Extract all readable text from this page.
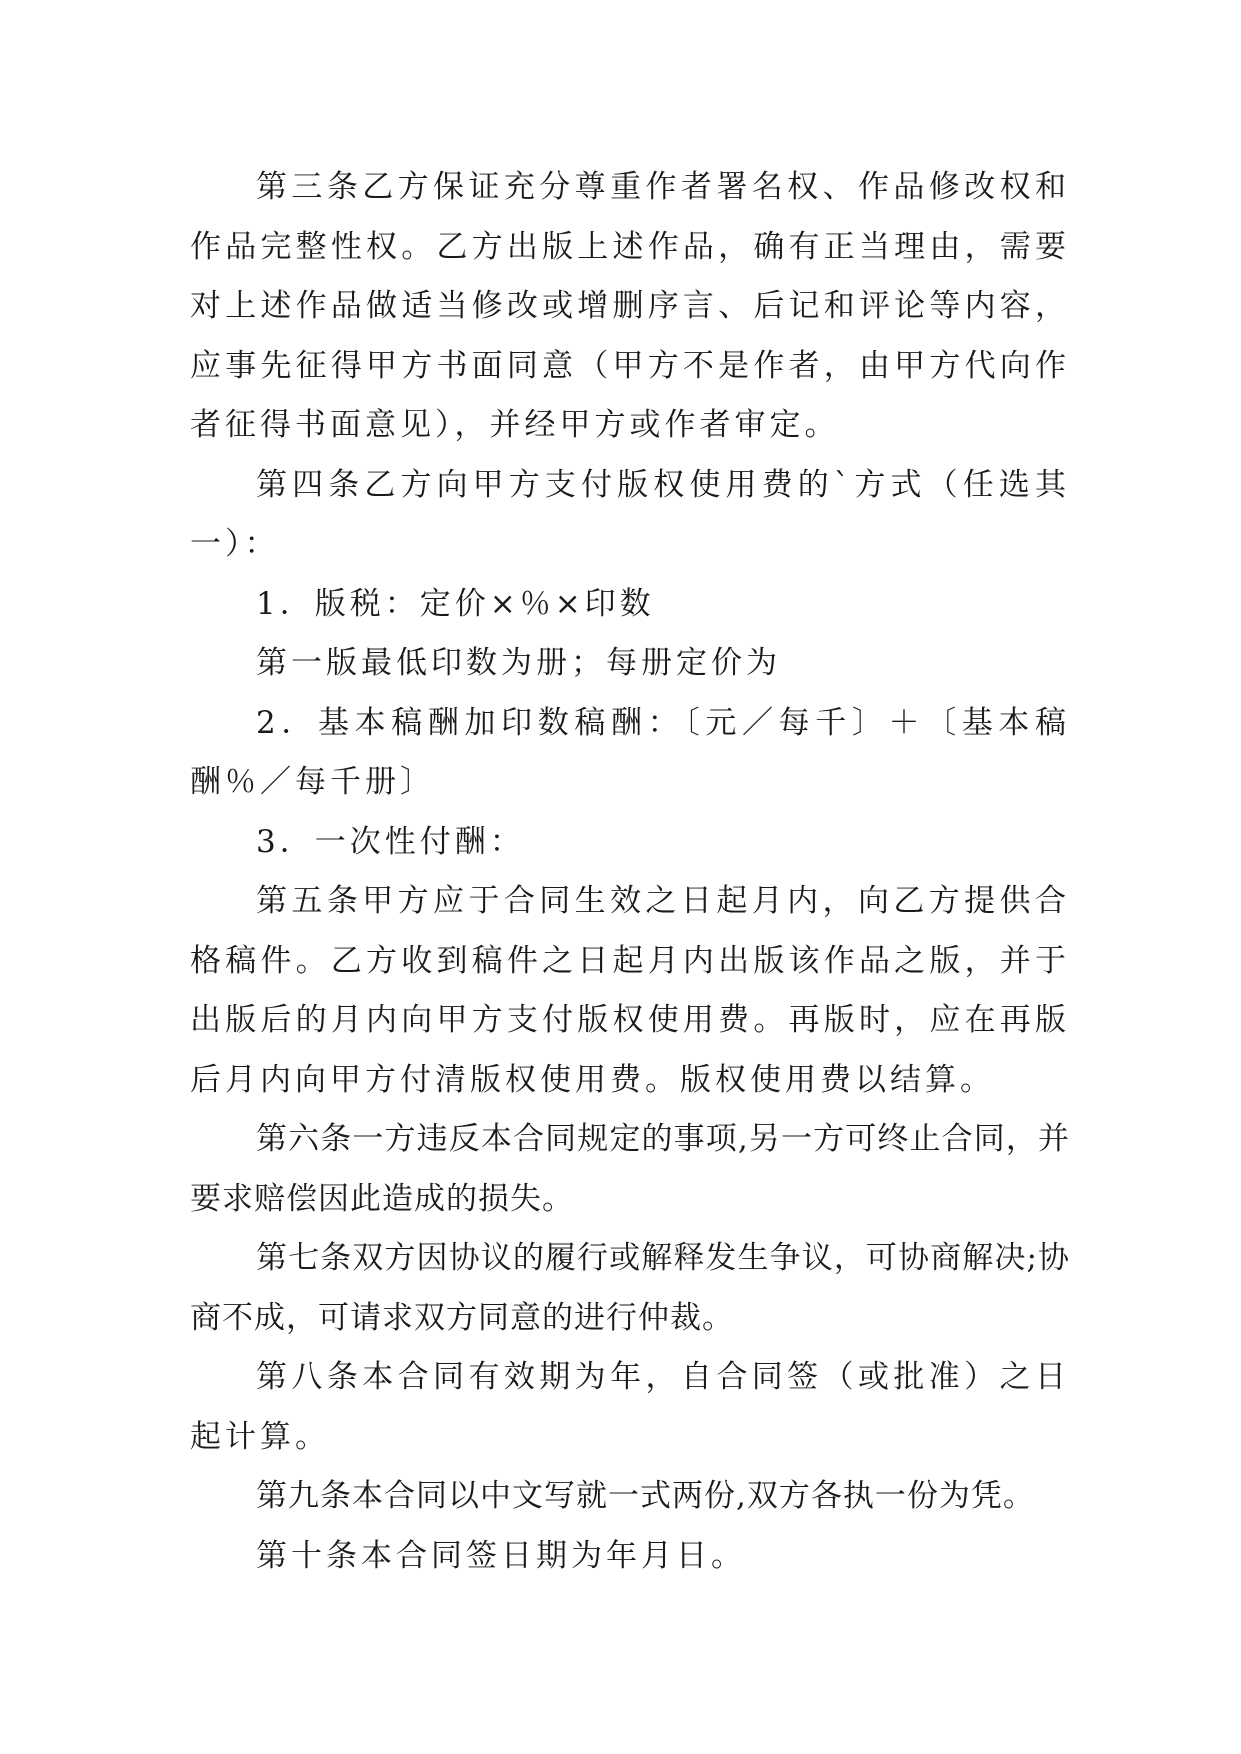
第三条乙方保证充分尊重作者署名权、作品修改权和作品完整性权。乙方出版上述作品，确有正当理由，需要对上述作品做适当修改或增删序言、后记和评论等内容，应事先征得甲方书面同意（甲方不是作者，由甲方代向作者征得书面意见），并经甲方或作者审定。

第四条乙方向甲方支付版权使用费的`方式（任选其一）：

1．版税：定价×％×印数

第一版最低印数为册；每册定价为

2．基本稿酬加印数稿酬：〔元／每千〕＋〔基本稿酬％／每千册〕

3．一次性付酬：

第五条甲方应于合同生效之日起月内，向乙方提供合格稿件。乙方收到稿件之日起月内出版该作品之版，并于出版后的月内向甲方支付版权使用费。再版时，应在再版后月内向甲方付清版权使用费。版权使用费以结算。

第六条一方违反本合同规定的事项,另一方可终止合同，并要求赔偿因此造成的损失。

第七条双方因协议的履行或解释发生争议，可协商解决;协商不成，可请求双方同意的进行仲裁。

第八条本合同有效期为年，自合同签（或批准）之日起计算。

第九条本合同以中文写就一式两份,双方各执一份为凭。

第十条本合同签日期为年月日。
